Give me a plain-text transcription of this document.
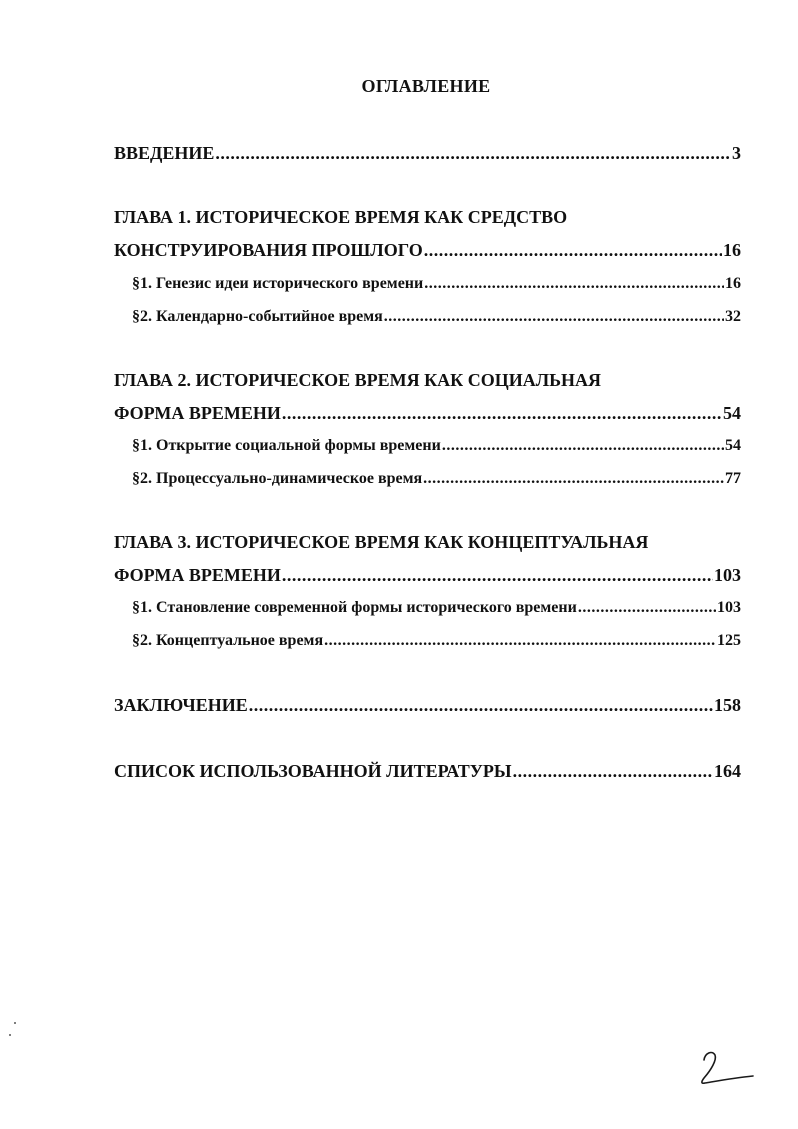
ОГЛАВЛЕНИЕ
ВВЕДЕНИЕ .....	3
ГЛАВА 1. ИСТОРИЧЕСКОЕ ВРЕМЯ КАК СРЕДСТВО
КОНСТРУИРОВАНИЯ ПРОШЛОГО .....	16
§1. Генезис идеи исторического времени .....	16
§2. Календарно-событийное время .....	32
ГЛАВА 2. ИСТОРИЧЕСКОЕ ВРЕМЯ КАК СОЦИАЛЬНАЯ
ФОРМА ВРЕМЕНИ .....	54
§1. Открытие социальной формы времени .....	54
§2. Процессуально-динамическое время .....	77
ГЛАВА 3. ИСТОРИЧЕСКОЕ ВРЕМЯ КАК КОНЦЕПТУАЛЬНАЯ
ФОРМА ВРЕМЕНИ .....	103
§1. Становление современной формы исторического времени .....	103
§2. Концептуальное время .....	125
ЗАКЛЮЧЕНИЕ .....	158
СПИСОК ИСПОЛЬЗОВАННОЙ ЛИТЕРАТУРЫ .....	164
